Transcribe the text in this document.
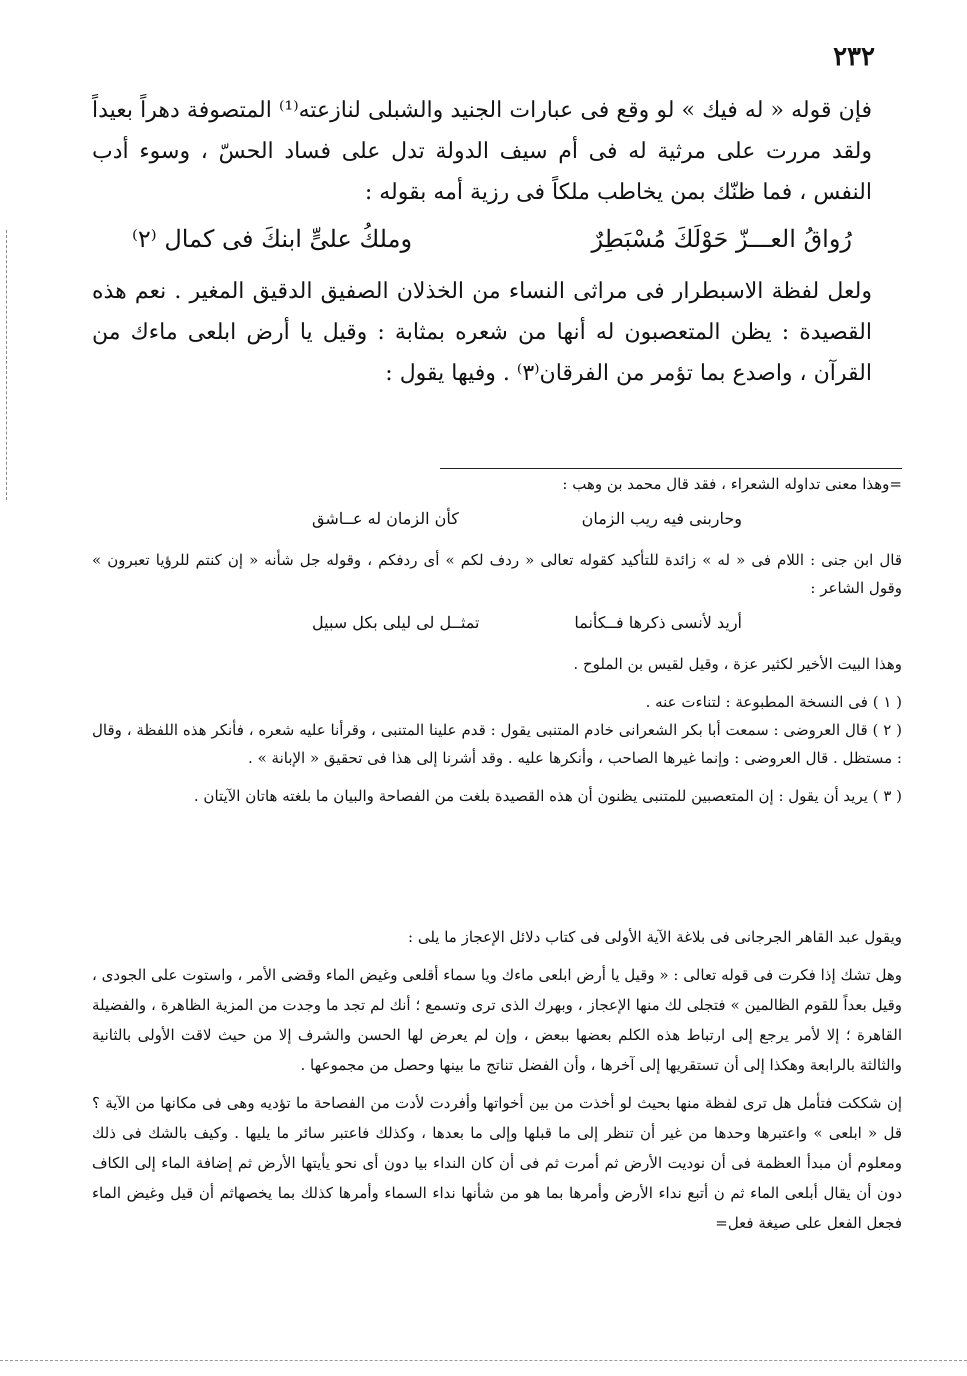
٢٣٢

فإن قوله « له فيك » لو وقع فى عبارات الجنيد والشبلى لنازعته⁽¹⁾ المتصوفة دهراً بعيداً ولقد مررت على مرثية له فى أم سيف الدولة تدل على فساد الحسّ ، وسوء أدب النفس ، فما ظنّك بمن يخاطب ملكاً فى رزية أمه بقوله :

رُواقُ العـــزّ حَوْلَكَ مُسْبَطِرٌ
وملكُ علىٍّ ابنكَ فى كمال ⁽٢⁾

ولعل لفظة الاسبطرار فى مراثى النساء من الخذلان الصفيق الدقيق المغير . نعم هذه القصيدة : يظن المتعصبون له أنها من شعره بمثابة : وقيل يا أرض ابلعى ماءك من القرآن ، واصدع بما تؤمر من الفرقان⁽٣⁾ . وفيها يقول :

=وهذا معنى تداوله الشعراء ، فقد قال محمد بن وهب :

وحاربنى فيه ريب الزمان
كأن الزمان له عــاشق

قال ابن جنى : اللام فى « له » زائدة للتأكيد كقوله تعالى « ردف لكم » أى ردفكم ، وقوله جل شأنه « إن كنتم للرؤيا تعبرون » وقول الشاعر :

أريد لأنسى ذكرها فــكأنما
تمثــل لى ليلى بكل سبيل

وهذا البيت الأخير لكثير عزة ، وقيل لقيس بن الملوح .

( ١ ) فى النسخة المطبوعة : لتناءت عنه .

( ٢ ) قال العروضى : سمعت أبا بكر الشعرانى خادم المتنبى يقول : قدم علينا المتنبى ، وقرأنا عليه شعره ، فأنكر هذه اللفظة ، وقال : مستظل . قال العروضى : وإنما غيرها الصاحب ، وأنكرها عليه . وقد أشرنا إلى هذا فى تحقيق « الإبانة » .

( ٣ ) يريد أن يقول : إن المتعصبين للمتنبى يظنون أن هذه القصيدة بلغت من الفصاحة والبيان ما بلغته هاتان الآيتان .

ويقول عبد القاهر الجرجانى فى بلاغة الآية الأولى فى كتاب دلائل الإعجاز ما يلى :

وهل تشك إذا فكرت فى قوله تعالى : « وقيل يا أرض ابلعى ماءك ويا سماء أقلعى وغيض الماء وقضى الأمر ، واستوت على الجودى ، وقيل بعداً للقوم الظالمين » فتجلى لك منها الإعجاز ، وبهرك الذى ترى وتسمع ؛ أنك لم تجد ما وجدت من المزية الظاهرة ، والفضيلة القاهرة ؛ إلا لأمر يرجع إلى ارتباط هذه الكلم بعضها ببعض ، وإن لم يعرض لها الحسن والشرف إلا من حيث لاقت الأولى بالثانية والثالثة بالرابعة وهكذا إلى أن تستقريها إلى آخرها ، وأن الفضل تناتج ما بينها وحصل من مجموعها .

إن شككت فتأمل هل ترى لفظة منها بحيث لو أخذت من بين أخواتها وأفردت لأدت من الفصاحة ما تؤديه وهى فى مكانها من الآية ؟ قل « ابلعى » واعتبرها وحدها من غير أن تنظر إلى ما قبلها وإلى ما بعدها ، وكذلك فاعتبر سائر ما يليها . وكيف بالشك فى ذلك ومعلوم أن مبدأ العظمة فى أن نوديت الأرض ثم أمرت ثم فى أن كان النداء بيا دون أى نحو يأيتها الأرض ثم إضافة الماء إلى الكاف دون أن يقال أبلعى الماء ثم ن أتبع نداء الأرض وأمرها بما هو من شأنها نداء السماء وأمرها كذلك بما يخصهاثم أن قيل وغيض الماء فجعل الفعل على صيغة فعل=
